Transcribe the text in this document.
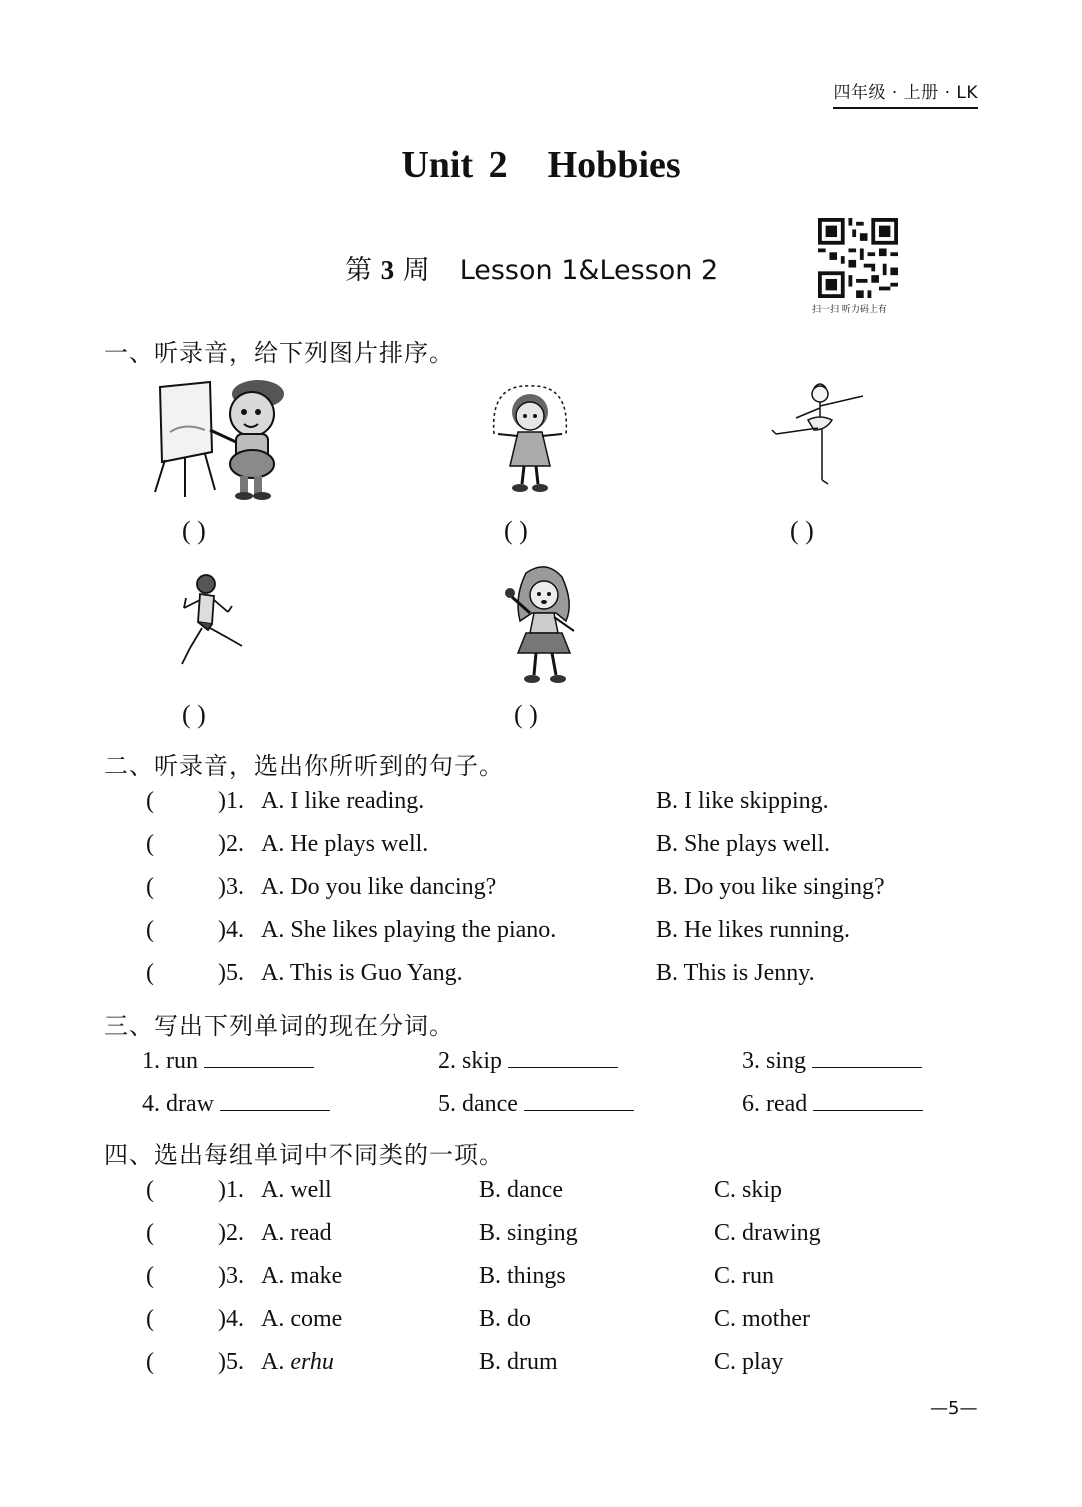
四年级 · 上册 · LK
Unit 2 Hobbies
第 3 周 Lesson 1&Lesson 2
扫一扫 听力码上有
一、听录音，给下列图片排序。
( )	( )	( )
( )	( )
二、听录音，选出你所听到的句子。
(	)1. A. I like reading.	B. I like skipping.
(	)2. A. He plays well.	B. She plays well.
(	)3. A. Do you like dancing?	B. Do you like singing?
(	)4. A. She likes playing the piano.	B. He likes running.
(	)5. A. This is Guo Yang.	B. This is Jenny.
三、写出下列单词的现在分词。
1. run	2. skip	3. sing
4. draw	5. dance	6. read
四、选出每组单词中不同类的一项。
(	)1. A. well	B. dance	C. skip
(	)2. A. read	B. singing	C. drawing
(	)3. A. make	B. things	C. run
(	)4. A. come	B. do	C. mother
(	)5. A. erhu	B. drum	C. play
—5—
